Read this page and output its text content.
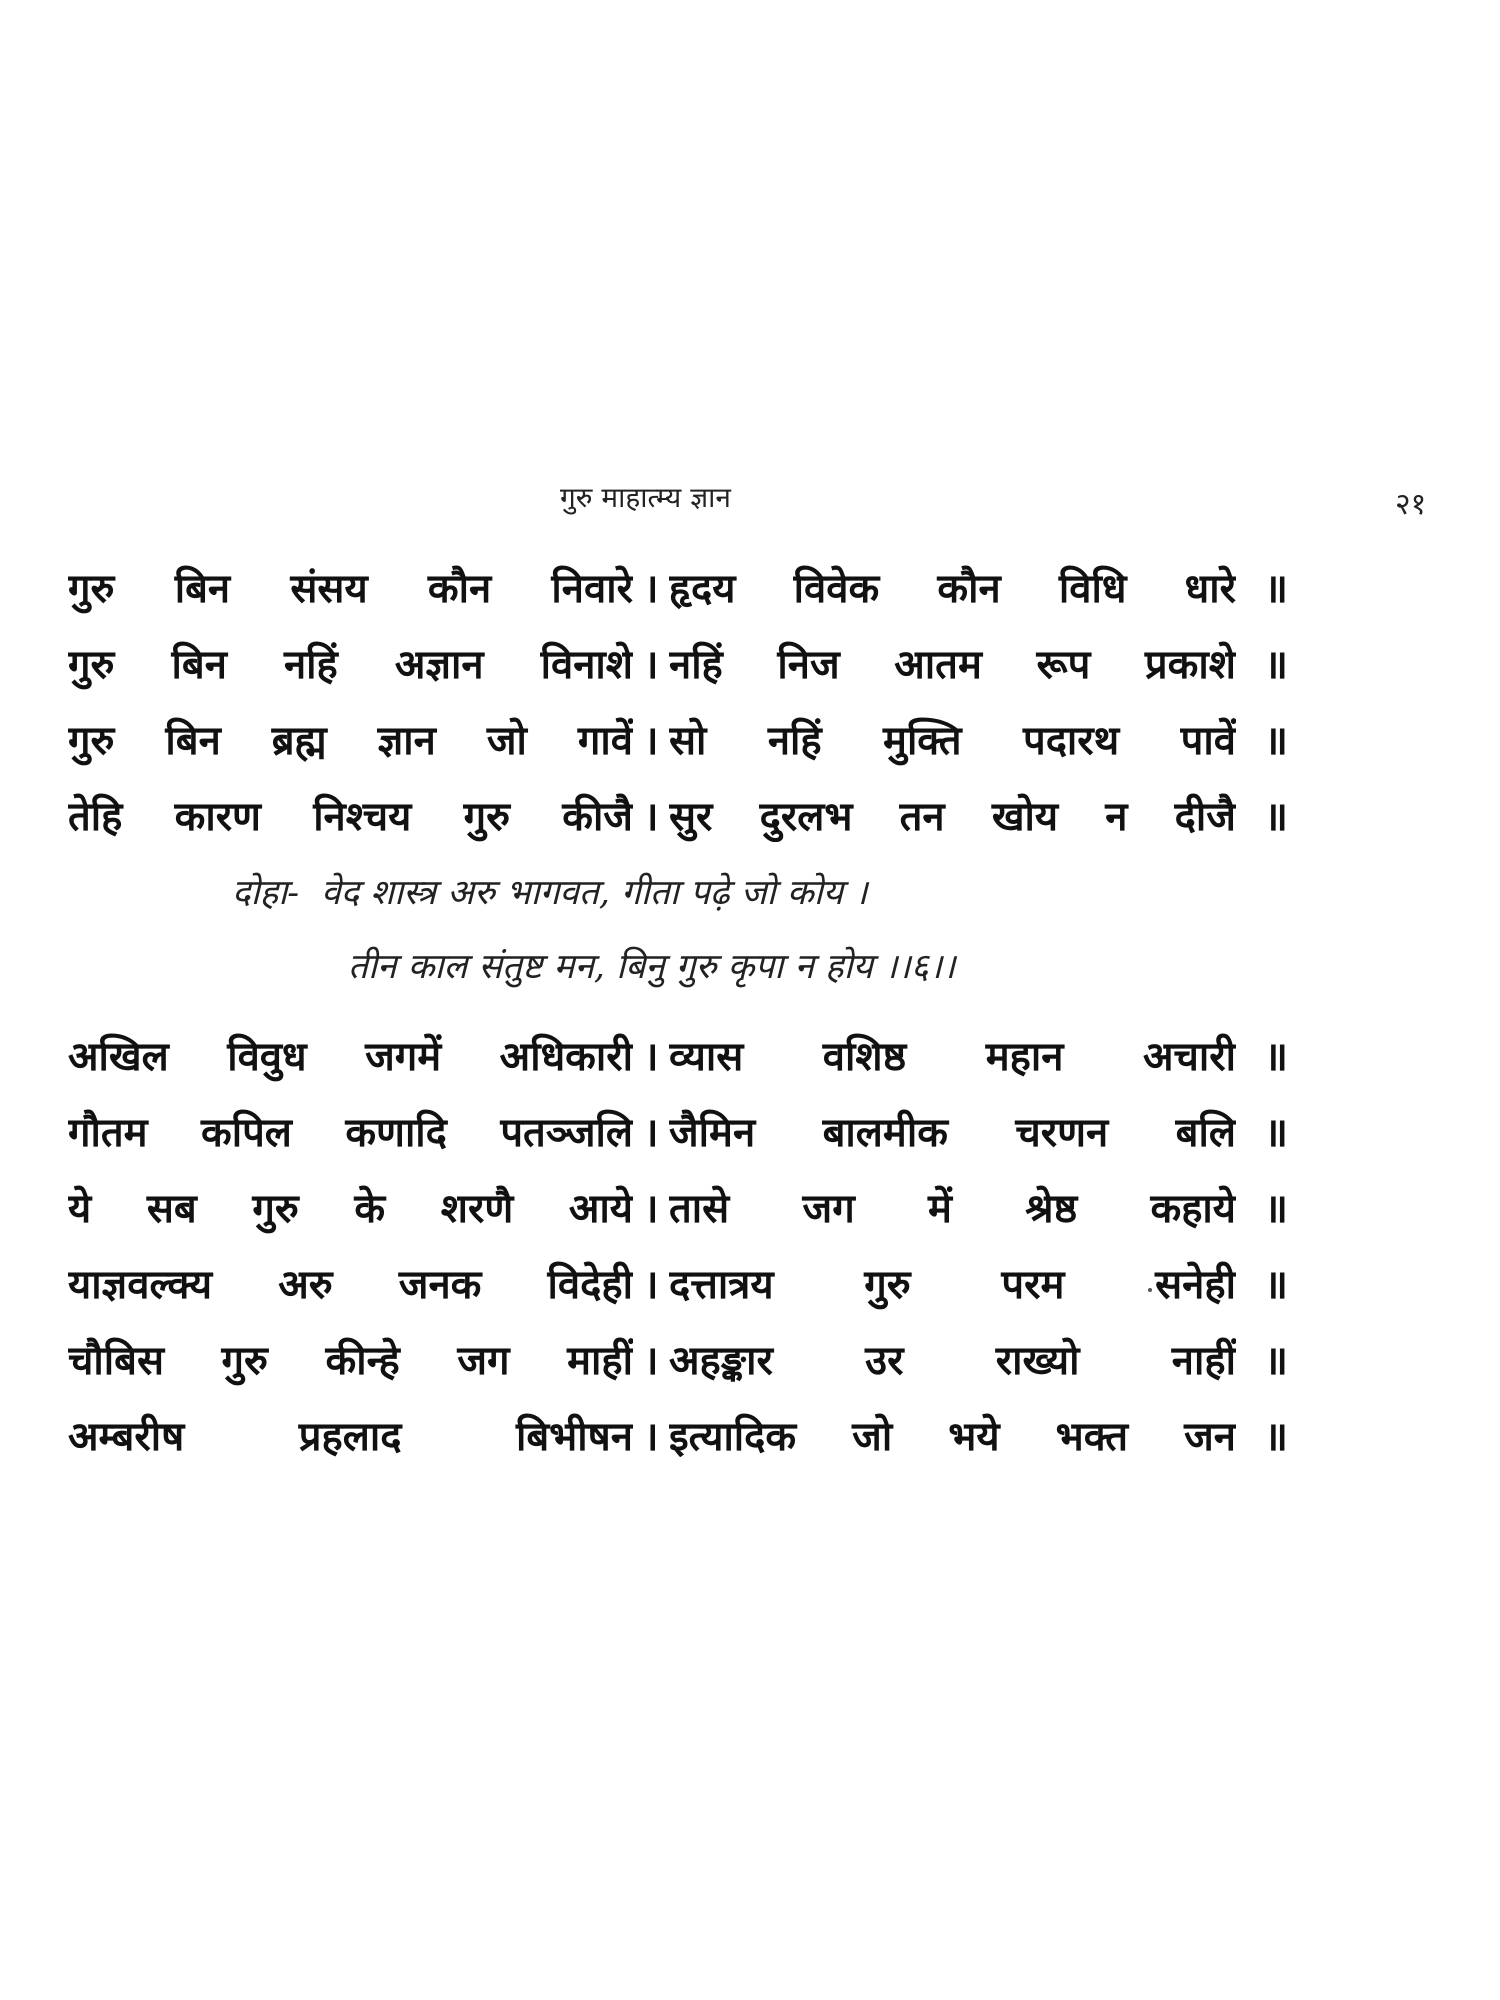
गुरु माहात्म्य ज्ञान	२१
गुरु बिन संसय कौन निवारे । हृदय विवेक कौन विधि धारे ॥
गुरु बिन नहिं अज्ञान विनाशे । नहिं निज आतम रूप प्रकाशे ॥
गुरु बिन ब्रह्म ज्ञान जो गावें । सो नहिं मुक्ति पदारथ पावें ॥
तेहि कारण निश्चय गुरु कीजै । सुर दुरलभ तन खोय न दीजै ॥
दोहा- वेद शास्त्र अरु भागवत, गीता पढ़े जो कोय ।
तीन काल संतुष्ट मन, बिनु गुरु कृपा न होय ।।६।।
अखिल विवुध जगमें अधिकारी । व्यास वशिष्ठ महान अचारी ॥
गौतम कपिल कणादि पतञ्जलि । जैमिन बालमीक चरणन बलि ॥
ये सब गुरु के शरणै आये । तासे जग में श्रेष्ठ कहाये ॥
याज्ञवल्क्य अरु जनक विदेही । दत्तात्रय गुरु परम सनेही ॥
चौबिस गुरु कीन्हे जग माहीं । अहङ्कार उर राख्यो नाहीं ॥
अम्बरीष	प्रहलाद	बिभीषन । इत्यादिक जो भये भक्त जन ॥
